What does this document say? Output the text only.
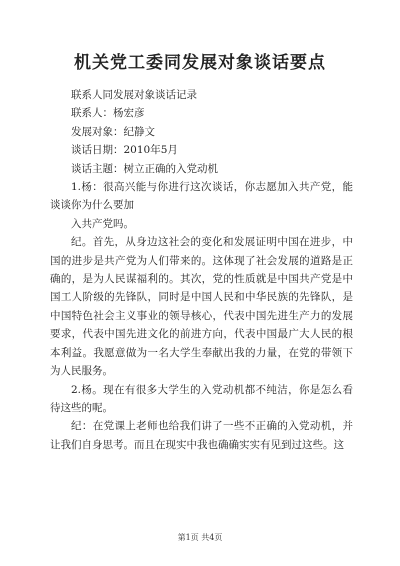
机关党工委同发展对象谈话要点

联系人同发展对象谈话记录

联系人：杨宏彦

发展对象：纪静文

谈话日期：2010年5月

谈话主题：树立正确的入党动机

1.杨：很高兴能与你进行这次谈话，你志愿加入共产党，能谈谈你为什么要加

入共产党吗。

纪。首先，从身边这社会的变化和发展证明中国在进步，中国的进步是共产党为人们带来的。这体现了社会发展的道路是正确的，是为人民谋福利的。其次，党的性质就是中国共产党是中国工人阶级的先锋队，同时是中国人民和中华民族的先锋队，是中国特色社会主义事业的领导核心，代表中国先进生产力的发展要求，代表中国先进文化的前进方向，代表中国最广大人民的根本利益。我愿意做为一名大学生奉献出我的力量，在党的带领下为人民服务。

2.杨。现在有很多大学生的入党动机都不纯洁，你是怎么看待这些的呢。

纪：在党课上老师也给我们讲了一些不正确的入党动机，并让我们自身思考。而且在现实中我也确确实实有见到过这些。这

第1页 共4页
